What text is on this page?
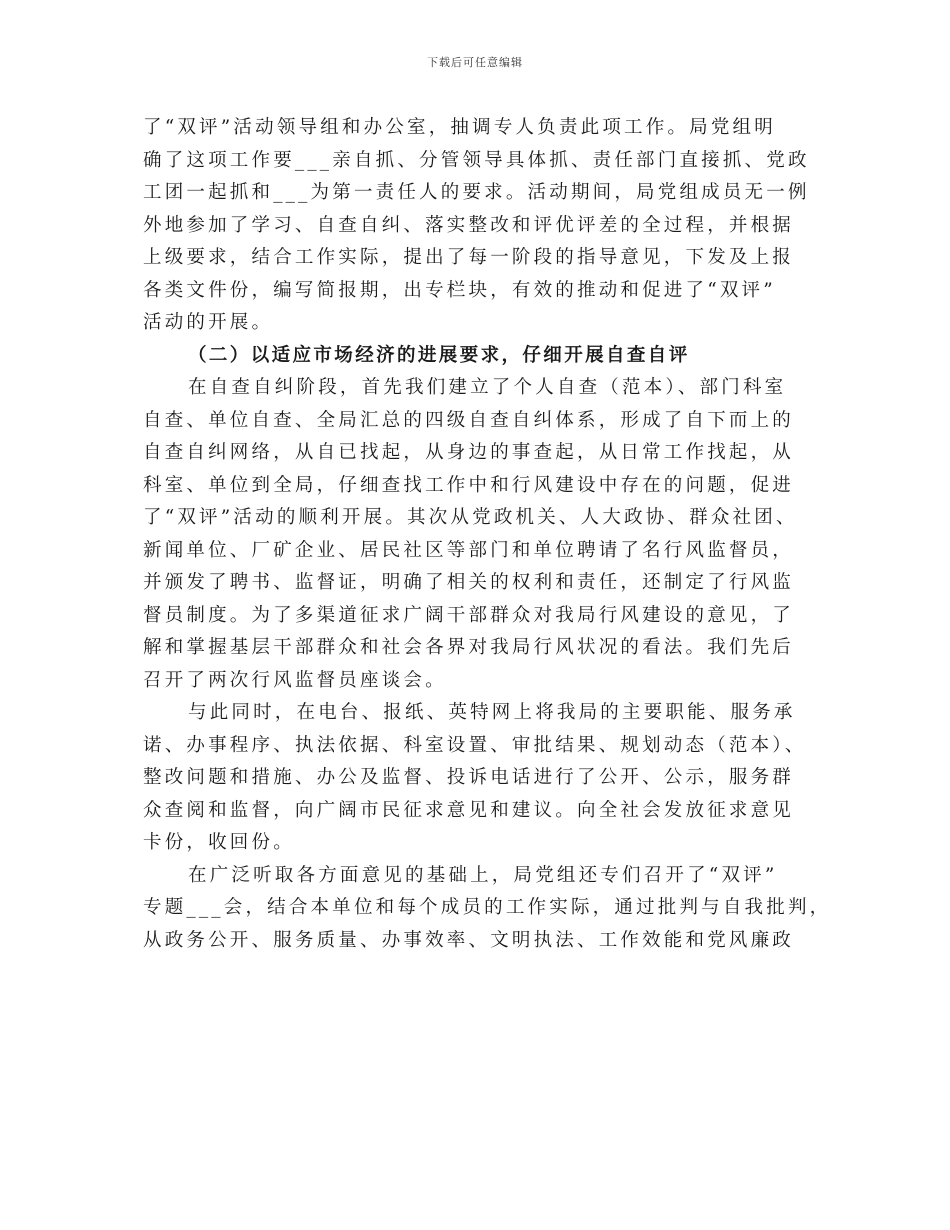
下载后可任意编辑
了“双评”活动领导组和办公室，抽调专人负责此项工作。局党组明
确了这项工作要___亲自抓、分管领导具体抓、责任部门直接抓、党政
工团一起抓和___为第一责任人的要求。活动期间，局党组成员无一例
外地参加了学习、自查自纠、落实整改和评优评差的全过程，并根据
上级要求，结合工作实际，提出了每一阶段的指导意见，下发及上报
各类文件份，编写简报期，出专栏块，有效的推动和促进了“双评”
活动的开展。
（二）以适应市场经济的进展要求，仔细开展自查自评
在自查自纠阶段，首先我们建立了个人自查（范本）、部门科室
自查、单位自查、全局汇总的四级自查自纠体系，形成了自下而上的
自查自纠网络，从自已找起，从身边的事查起，从日常工作找起，从
科室、单位到全局，仔细查找工作中和行风建设中存在的问题，促进
了“双评”活动的顺利开展。其次从党政机关、人大政协、群众社团、
新闻单位、厂矿企业、居民社区等部门和单位聘请了名行风监督员，
并颁发了聘书、监督证，明确了相关的权利和责任，还制定了行风监
督员制度。为了多渠道征求广阔干部群众对我局行风建设的意见，了
解和掌握基层干部群众和社会各界对我局行风状况的看法。我们先后
召开了两次行风监督员座谈会。
与此同时，在电台、报纸、英特网上将我局的主要职能、服务承
诺、办事程序、执法依据、科室设置、审批结果、规划动态（范本）、
整改问题和措施、办公及监督、投诉电话进行了公开、公示，服务群
众查阅和监督，向广阔市民征求意见和建议。向全社会发放征求意见
卡份，收回份。
在广泛听取各方面意见的基础上，局党组还专们召开了“双评”
专题___会，结合本单位和每个成员的工作实际，通过批判与自我批判，
从政务公开、服务质量、办事效率、文明执法、工作效能和党风廉政
